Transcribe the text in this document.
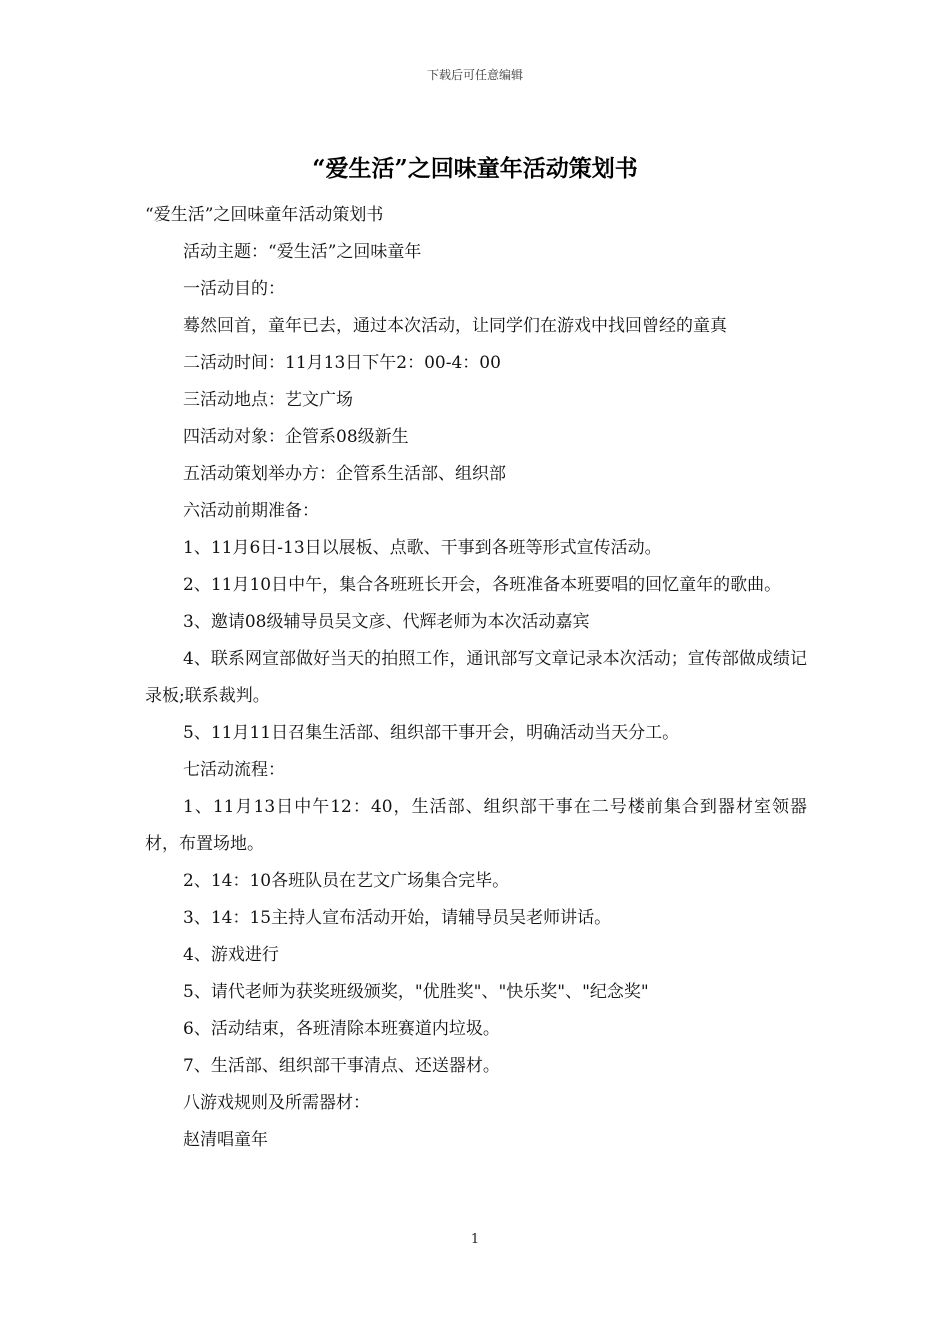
下载后可任意编辑
“爱生活”之回味童年活动策划书

“爱生活”之回味童年活动策划书

活动主题：“爱生活”之回味童年

一活动目的：

蓦然回首，童年已去，通过本次活动，让同学们在游戏中找回曾经的童真

二活动时间：11月13日下午2：00-4：00

三活动地点：艺文广场

四活动对象：企管系08级新生

五活动策划举办方：企管系生活部、组织部

六活动前期准备：

1、11月6日-13日以展板、点歌、干事到各班等形式宣传活动。

2、11月10日中午，集合各班班长开会，各班准备本班要唱的回忆童年的歌曲。

3、邀请08级辅导员吴文彦、代辉老师为本次活动嘉宾

4、联系网宣部做好当天的拍照工作，通讯部写文章记录本次活动；宣传部做成绩记录板;联系裁判。

5、11月11日召集生活部、组织部干事开会，明确活动当天分工。

七活动流程：

1、11月13日中午12：40，生活部、组织部干事在二号楼前集合到器材室领器材，布置场地。

2、14：10各班队员在艺文广场集合完毕。

3、14：15主持人宣布活动开始，请辅导员吴老师讲话。

4、游戏进行

5、请代老师为获奖班级颁奖，"优胜奖"、"快乐奖"、"纪念奖"

6、活动结束，各班清除本班赛道内垃圾。

7、生活部、组织部干事清点、还送器材。

八游戏规则及所需器材：

赵清唱童年

1
